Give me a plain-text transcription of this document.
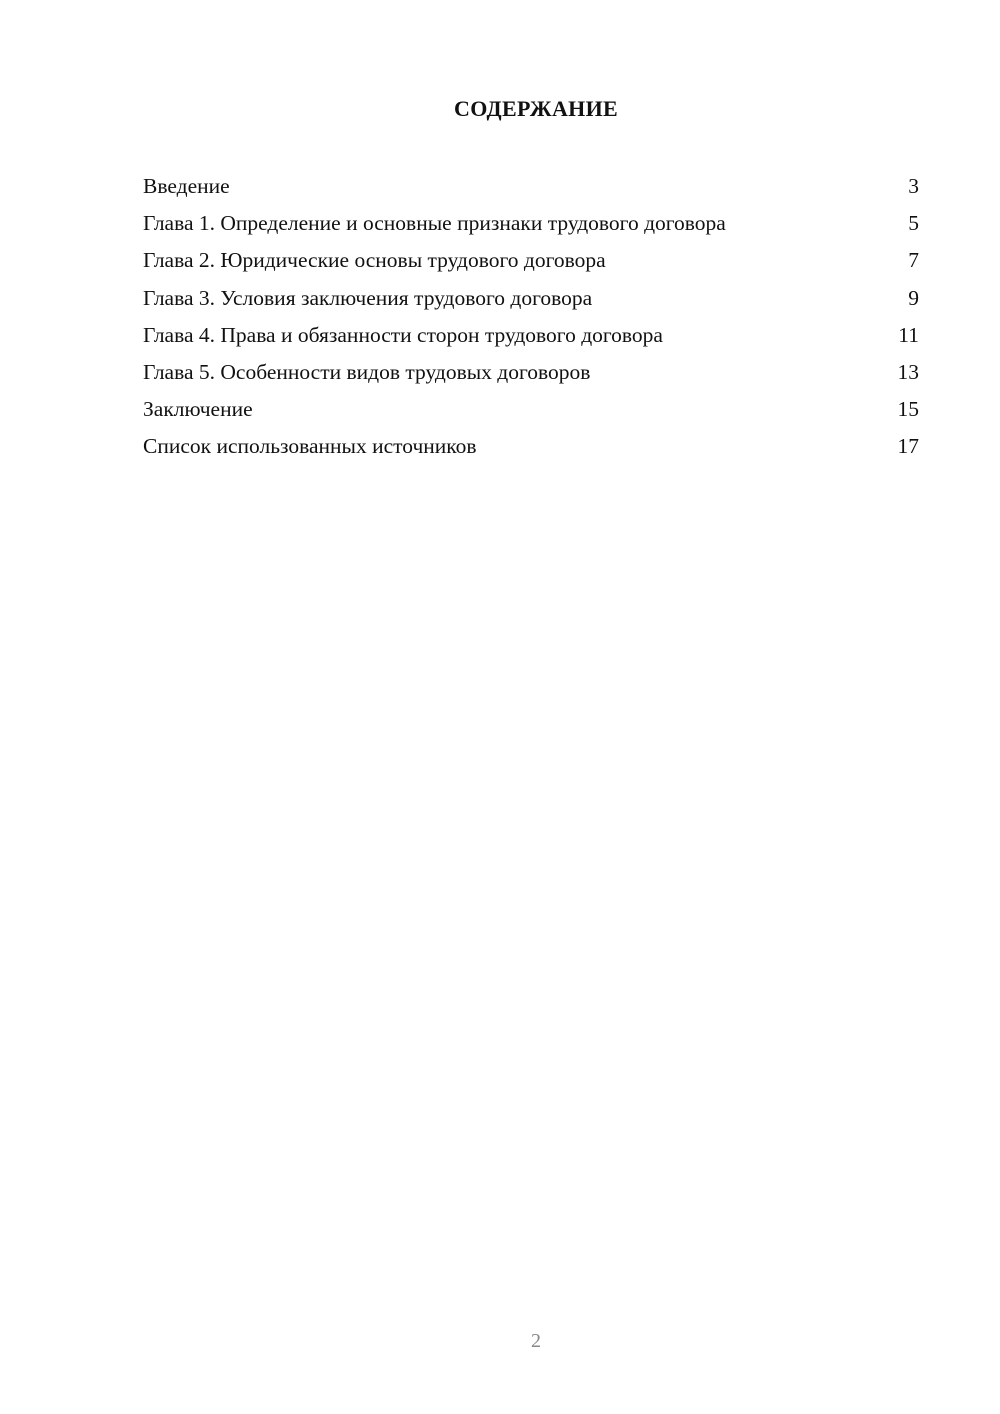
СОДЕРЖАНИЕ
Введение	3
Глава 1. Определение и основные признаки трудового договора	5
Глава 2. Юридические основы трудового договора	7
Глава 3. Условия заключения трудового договора	9
Глава 4. Права и обязанности сторон трудового договора	11
Глава 5. Особенности видов трудовых договоров	13
Заключение	15
Список использованных источников	17
2
